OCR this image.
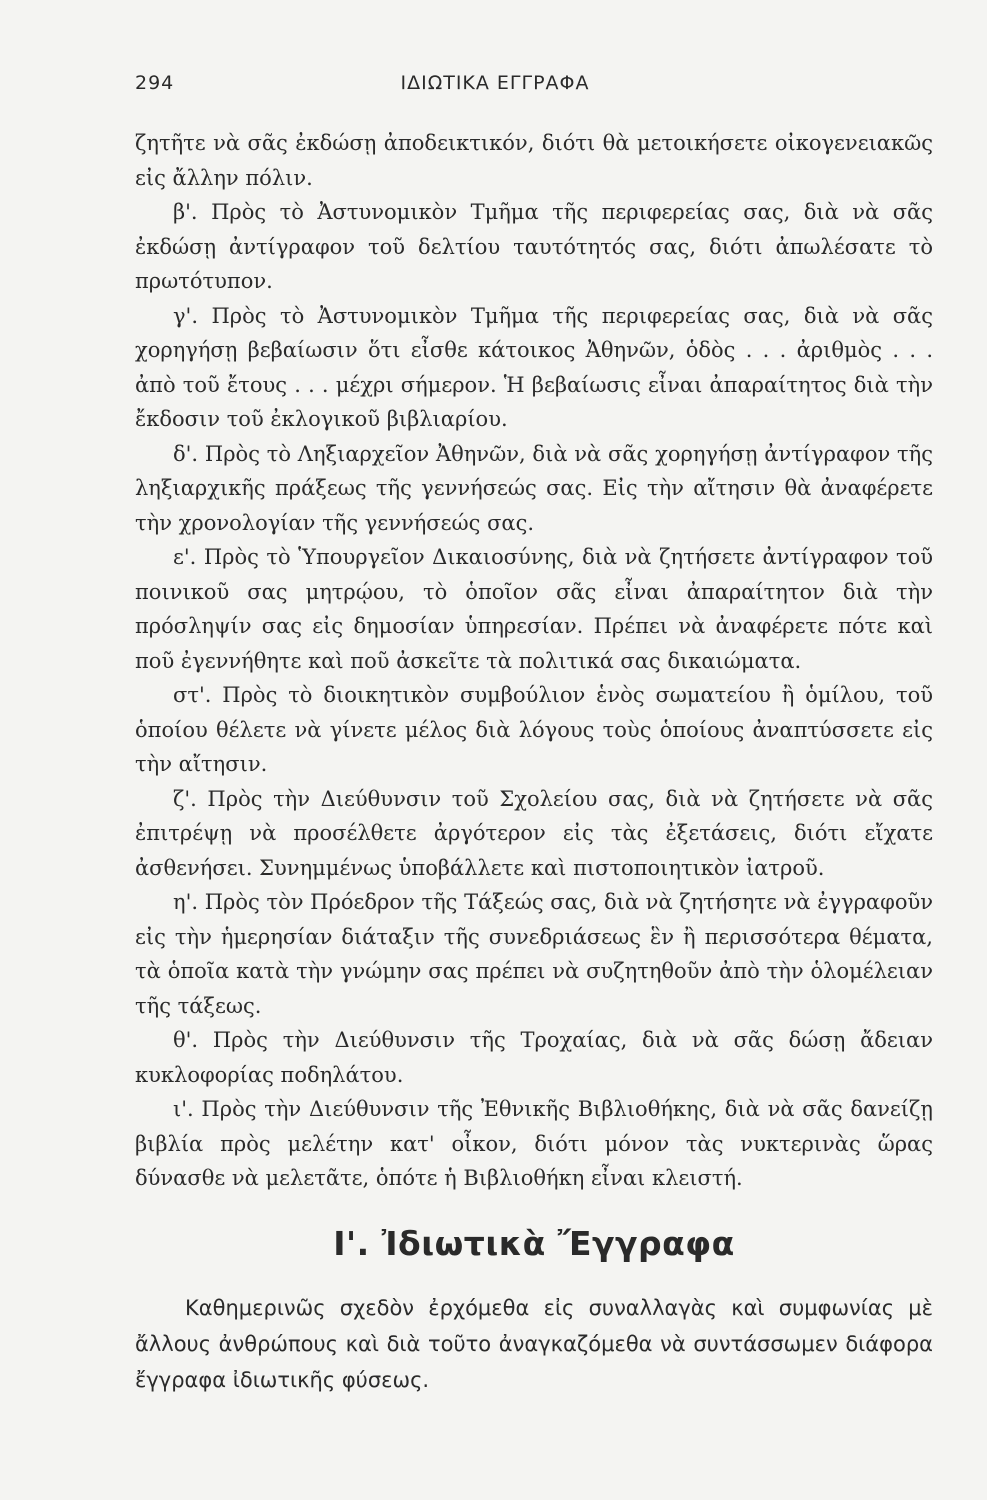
294	ΙΔΙΩΤΙΚΑ ΕΓΓΡΑΦΑ

ζητῆτε νὰ σᾶς ἐκδώσῃ ἀποδεικτικόν, διότι θὰ μετοικήσετε οἰκογενειακῶς εἰς ἄλλην πόλιν.

β'. Πρὸς τὸ Ἀστυνομικὸν Τμῆμα τῆς περιφερείας σας, διὰ νὰ σᾶς ἐκδώσῃ ἀντίγραφον τοῦ δελτίου ταυτότητός σας, διότι ἀπωλέσατε τὸ πρωτότυπον.

γ'. Πρὸς τὸ Ἀστυνομικὸν Τμῆμα τῆς περιφερείας σας, διὰ νὰ σᾶς χορηγήσῃ βεβαίωσιν ὅτι εἶσθε κάτοικος Ἀθηνῶν, ὁδὸς . . . ἀριθμὸς . . . ἀπὸ τοῦ ἔτους . . . μέχρι σήμερον. Ἡ βεβαίωσις εἶναι ἀπαραίτητος διὰ τὴν ἔκδοσιν τοῦ ἐκλογικοῦ βιβλιαρίου.

δ'. Πρὸς τὸ Ληξιαρχεῖον Ἀθηνῶν, διὰ νὰ σᾶς χορηγήσῃ ἀντίγραφον τῆς ληξιαρχικῆς πράξεως τῆς γεννήσεώς σας. Εἰς τὴν αἴτησιν θὰ ἀναφέρετε τὴν χρονολογίαν τῆς γεννήσεώς σας.

ε'. Πρὸς τὸ Ὑπουργεῖον Δικαιοσύνης, διὰ νὰ ζητήσετε ἀντίγραφον τοῦ ποινικοῦ σας μητρῴου, τὸ ὁποῖον σᾶς εἶναι ἀπαραίτητον διὰ τὴν πρόσληψίν σας εἰς δημοσίαν ὑπηρεσίαν. Πρέπει νὰ ἀναφέρετε πότε καὶ ποῦ ἐγεννήθητε καὶ ποῦ ἀσκεῖτε τὰ πολιτικά σας δικαιώματα.

στ'. Πρὸς τὸ διοικητικὸν συμβούλιον ἑνὸς σωματείου ἢ ὁμίλου, τοῦ ὁποίου θέλετε νὰ γίνετε μέλος διὰ λόγους τοὺς ὁποίους ἀναπτύσσετε εἰς τὴν αἴτησιν.

ζ'. Πρὸς τὴν Διεύθυνσιν τοῦ Σχολείου σας, διὰ νὰ ζητήσετε νὰ σᾶς ἐπιτρέψῃ νὰ προσέλθετε ἀργότερον εἰς τὰς ἐξετάσεις, διότι εἴχατε ἀσθενήσει. Συνημμένως ὑποβάλλετε καὶ πιστοποιητικὸν ἰατροῦ.

η'. Πρὸς τὸν Πρόεδρον τῆς Τάξεώς σας, διὰ νὰ ζητήσητε νὰ ἐγγραφοῦν εἰς τὴν ἡμερησίαν διάταξιν τῆς συνεδριάσεως ἓν ἢ περισσότερα θέματα, τὰ ὁποῖα κατὰ τὴν γνώμην σας πρέπει νὰ συζητηθοῦν ἀπὸ τὴν ὁλομέλειαν τῆς τάξεως.

θ'. Πρὸς τὴν Διεύθυνσιν τῆς Τροχαίας, διὰ νὰ σᾶς δώσῃ ἄδειαν κυκλοφορίας ποδηλάτου.

ι'. Πρὸς τὴν Διεύθυνσιν τῆς Ἐθνικῆς Βιβλιοθήκης, διὰ νὰ σᾶς δανείζῃ βιβλία πρὸς μελέτην κατ' οἶκον, διότι μόνον τὰς νυκτερινὰς ὥρας δύνασθε νὰ μελετᾶτε, ὁπότε ἡ Βιβλιοθήκη εἶναι κλειστή.

Ι'. Ἰδιωτικὰ Ἔγγραφα

Καθημερινῶς σχεδὸν ἐρχόμεθα εἰς συναλλαγὰς καὶ συμφωνίας μὲ ἄλλους ἀνθρώπους καὶ διὰ τοῦτο ἀναγκαζόμεθα νὰ συντάσσωμεν διάφορα ἔγγραφα ἰδιωτικῆς φύσεως.
